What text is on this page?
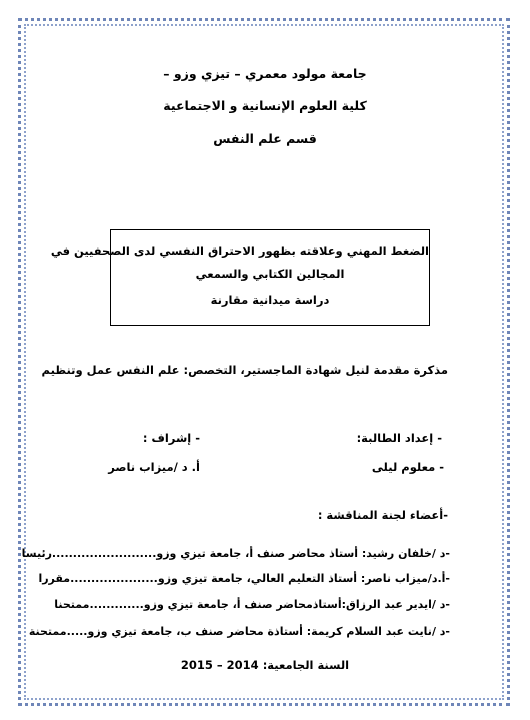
جامعة مولود معمري – تيزي وزو –
كلية العلوم الإنسانية و الاجتماعية
قسم علم النفس
الضغط المهني وعلاقته بظهور الاحتراق النفسي لدى الصحفيين في
المجالين الكتابي والسمعي
دراسة ميدانية مقارنة
مذكرة مقدمة لنيل شهادة الماجستير، التخصص: علم النفس عمل وتنظيم
- إعداد الطالبة:
- إشراف :
- معلوم ليلى
أ. د /ميزاب ناصر
-أعضاء لجنة المناقشة :
-د /خلفان رشيد: أستاذ محاضر صنف أ، جامعة تيزي وزو.........................رئيسا
-أ.د/ميزاب ناصر: أستاذ التعليم العالي، جامعة تيزي وزو.....................مقررا
-د /ايدير عبد الرزاق:أستاذمحاضر صنف أ، جامعة تيزي وزو.............ممتحنا
-د /نايت عبد السلام كريمة: أستاذة محاضر صنف ب، جامعة تيزي وزو.....ممتحنة
السنة الجامعية: 2014 – 2015
